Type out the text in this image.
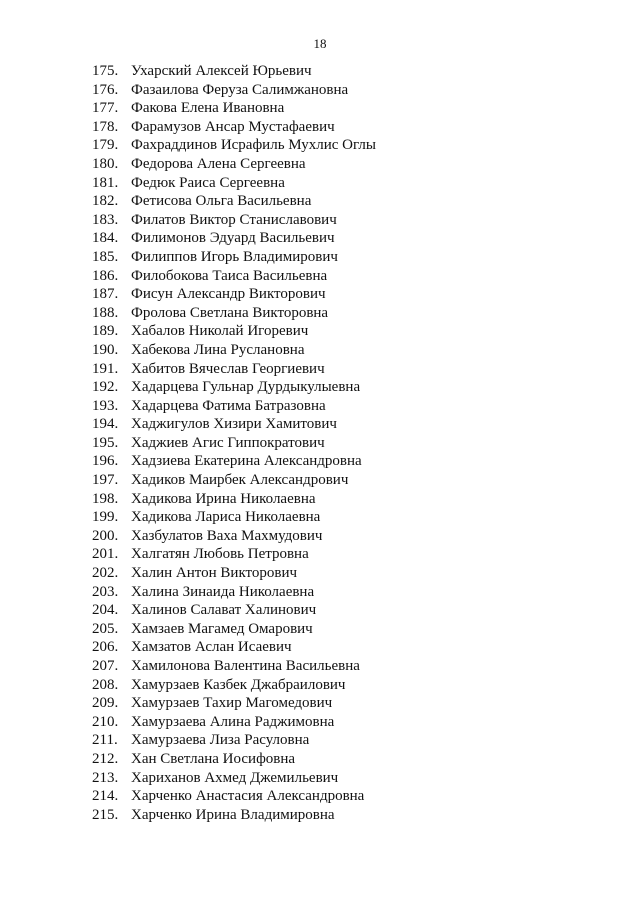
18
175. Ухарский Алексей Юрьевич
176. Фазаилова Феруза Салимжановна
177. Факова Елена Ивановна
178. Фарамузов Ансар Мустафаевич
179. Фахраддинов Исрафиль Мухлис Оглы
180. Федорова Алена Сергеевна
181. Федюк Раиса Сергеевна
182. Фетисова Ольга Васильевна
183. Филатов Виктор Станиславович
184. Филимонов Эдуард Васильевич
185. Филиппов Игорь Владимирович
186. Филобокова Таиса Васильевна
187. Фисун Александр Викторович
188. Фролова Светлана Викторовна
189. Хабалов Николай Игоревич
190. Хабекова Лина Руслановна
191. Хабитов Вячеслав Георгиевич
192. Хадарцева Гульнар Дурдыкулыевна
193. Хадарцева Фатима Батразовна
194. Хаджигулов Хизири Хамитович
195. Хаджиев Агис Гиппократович
196. Хадзиева Екатерина Александровна
197. Хадиков Маирбек Александрович
198. Хадикова Ирина Николаевна
199. Хадикова Лариса Николаевна
200. Хазбулатов Ваха Махмудович
201. Халгатян Любовь Петровна
202. Халин Антон Викторович
203. Халина Зинаида Николаевна
204. Халинов Салават Халинович
205. Хамзаев Магамед Омарович
206. Хамзатов Аслан Исаевич
207. Хамилонова Валентина Васильевна
208. Хамурзаев Казбек Джабраилович
209. Хамурзаев Тахир Магомедович
210. Хамурзаева Алина Раджимовна
211. Хамурзаева Лиза Расуловна
212. Хан Светлана Иосифовна
213. Хариханов Ахмед Джемильевич
214. Харченко Анастасия Александровна
215. Харченко Ирина Владимировна
